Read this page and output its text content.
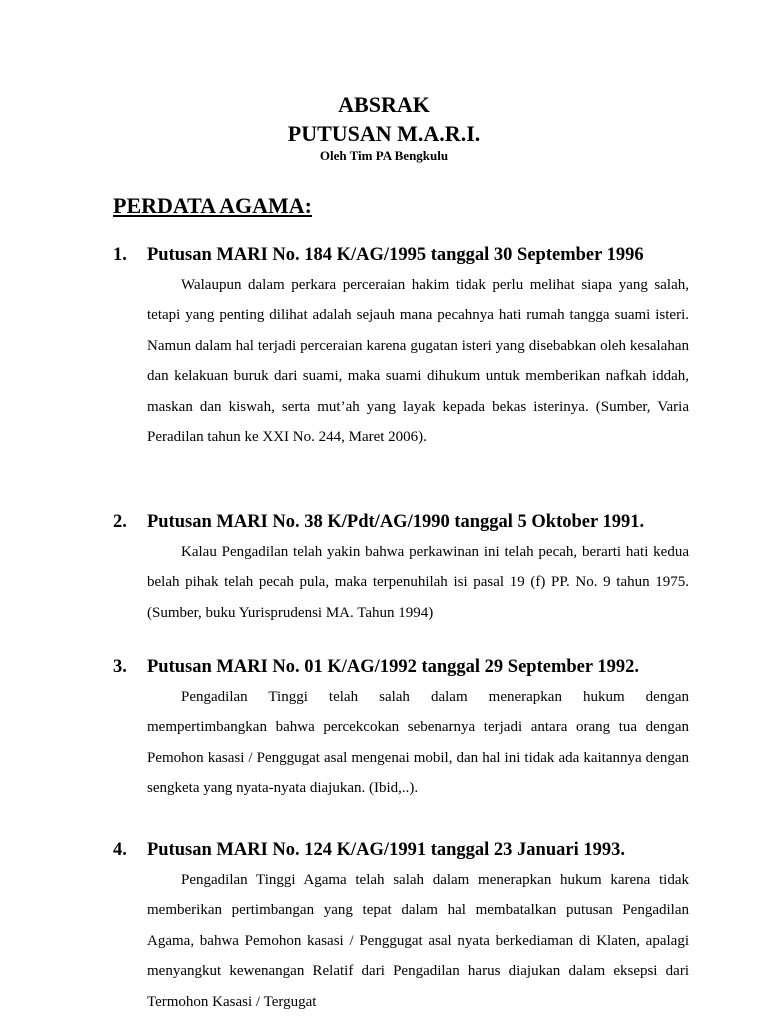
ABSRAK
PUTUSAN M.A.R.I.
Oleh Tim PA Bengkulu
PERDATA AGAMA:
1.	Putusan MARI No. 184 K/AG/1995 tanggal 30 September 1996
Walaupun dalam perkara perceraian hakim tidak perlu melihat siapa yang salah, tetapi yang penting dilihat adalah sejauh mana pecahnya hati rumah tangga suami isteri. Namun dalam hal terjadi perceraian karena gugatan isteri yang disebabkan oleh kesalahan dan kelakuan buruk dari suami, maka suami dihukum untuk memberikan nafkah iddah, maskan dan kiswah, serta mut’ah yang layak kepada bekas isterinya. (Sumber, Varia Peradilan tahun ke XXI No. 244, Maret 2006).
2.	Putusan MARI No. 38 K/Pdt/AG/1990 tanggal 5 Oktober 1991.
Kalau Pengadilan telah yakin bahwa perkawinan ini telah pecah, berarti hati kedua belah pihak telah pecah pula, maka terpenuhilah isi pasal 19 (f) PP. No. 9 tahun 1975. (Sumber, buku Yurisprudensi MA. Tahun 1994)
3.	Putusan MARI No. 01 K/AG/1992 tanggal 29 September 1992.
Pengadilan Tinggi telah salah dalam menerapkan hukum dengan mempertimbangkan bahwa percekcokan sebenarnya terjadi antara orang tua dengan Pemohon kasasi / Penggugat asal mengenai mobil, dan hal ini tidak ada kaitannya dengan sengketa yang nyata-nyata diajukan. (Ibid,..).
4.	Putusan MARI No. 124 K/AG/1991 tanggal 23 Januari 1993.
Pengadilan Tinggi Agama telah salah dalam menerapkan hukum karena tidak memberikan pertimbangan yang tepat dalam hal membatalkan putusan Pengadilan Agama, bahwa Pemohon kasasi / Penggugat asal nyata berkediaman di Klaten, apalagi menyangkut kewenangan Relatif dari Pengadilan harus diajukan dalam eksepsi dari Termohon Kasasi / Tergugat
